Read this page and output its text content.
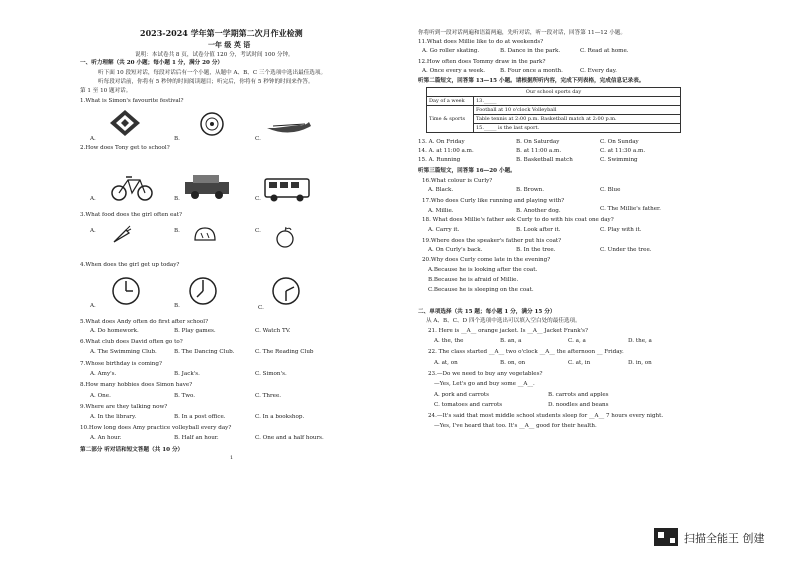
2023-2024 学年第一学期第二次月作业检测
一年 级 英 语
说明：本试卷共 8 页，试卷分值 120 分，考试时间 100 分钟。
一、听力理解（共 20 小题；每小题 1 分，满分 20 分）
听下面 10 段短对话，每段对话后有一个小题，从题中 A、B、C 三个选项中选出最佳选项。
听每段对话前，你将有 5 秒钟的时间阅读题目；听完后，你将有 5 秒钟的时间来作答。
第 1 至 10 题对话。
1.What is Simon's favourite festival?
A.	B.	C.
2.How does Tony get to school?
A.	B.	C.
3.What food does the girl often eat?
A.	B.	C.
4.When does the girl get up today?
A.	B.	C.
5.What does Andy often do first after school?
A. Do homework.	B. Play games.	C. Watch TV.
6.What club does David often go to?
A. The Swimming Club.	B. The Dancing Club.	C. The Reading Club
7.Whose birthday is coming?
A. Amy's.	B. Jack's.	C. Simon's.
8.How many hobbies does Simon have?
A. One.	B. Two.	C. Three.
9.Where are they talking now?
A. In the library.	B. In a post office.	C. In a bookshop.
10.How long does Amy practice volleyball every day?
A. An hour.	B. Half an hour.	C. One and a half hours.
第二部分 听对话和短文答题（共 10 分）
1
你将听到一段对话两遍和语篇两遍，先听对话，听一段对话，回答第 11—12 小题。
11.What does Millie like to do at weekends?
A. Go roller skating.	B. Dance in the park.	C. Read at home.
12.How often does Tommy draw in the park?
A. Once every a week.	B. Four once a month.	C. Every day.
听第二篇短文，回答第 13—15 小题。请根据所听内容，完成下列表格，完成信息记录表。
Our school sports day	
Day of a week	13._____
Time & sports	Football at 10 o'clock Volleyball
	Table tennis at 2:00 p.m. Basketball match at 2:00 p.m.
	15._____ is the last sport.
13. A. On Friday	B. On Saturday	C. On Sunday
14. A. at 11:00 a.m.	B. at 11:00 a.m.	C. at 11:30 a.m.
15. A. Running	B. Basketball match	C. Swimming
听第三篇短文，回答第 16—20 小题。
16.What colour is Curly?
A. Black.	B. Brown.	C. Blue
17.Who does Curly like running and playing with?
A. Millie.	B. Another dog.	C. The Millie's father.
18. What does Millie's father ask Curly to do with his coat one day?
A. Carry it.	B. Look after it.	C. Play with it.
19.Where does the speaker's father put his coat?
A. On Curly's back.	B. In the tree.	C. Under the tree.
20.Why does Curly come late in the evening?
A.Because he is looking after the coat.
B.Because he is afraid of Millie.
C.Because he is sleeping on the coat.
二、单项选择（共 15 题；每小题 1 分，满分 15 分）
从 A、B、C、D 四个选项中选出可以填入空白处的最佳选项。
21. Here is __A__ orange jacket. Is __A__ Jacket Frank's?
A. the, the	B. an, a	C. a, a	D. the, a
22. The class started __A__ two o'clock __A__ the afternoon __ Friday.
A. at, on	B. on, on	C. at, in	D. in, on
23.—Do we need to buy any vegetables?
—Yes, Let's go and buy some __A__.
A. pork and carrots	B. carrots and apples
C. tomatoes and carrots	D. noodles and beans
24.—It's said that most middle school students sleep for __A__ 7 hours every night.
—Yes, I've heard that too. It's __A__ good for their health.
扫描全能王 创建
